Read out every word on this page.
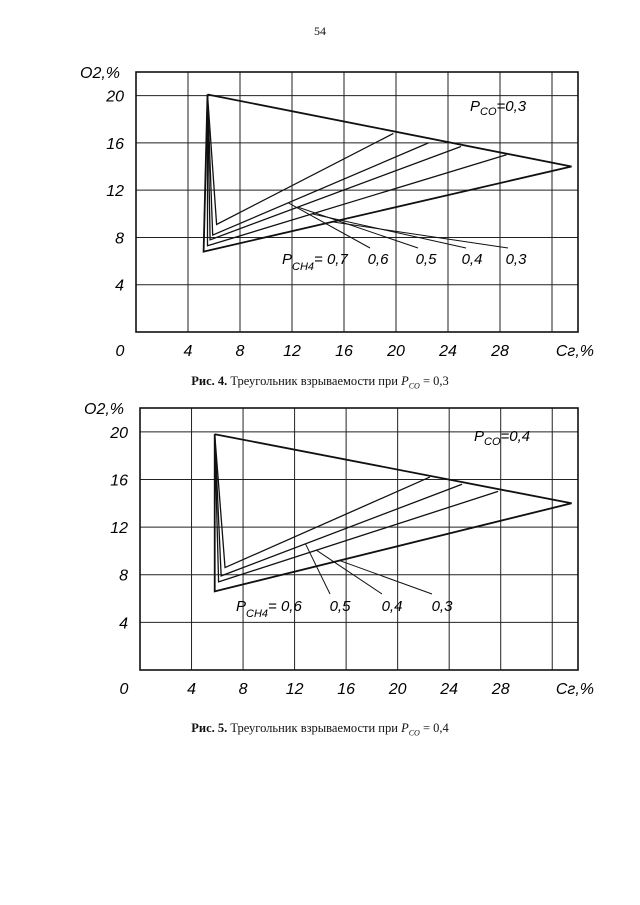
54
0	4	8 12 16 20 24 28
4
8
12
16
20
O2,%
Cг,%
$P_{CO}=0,3$
$P_{CH4}= 0,7$ 0,6 0,5 0,4 0,3
Рис. 4. Треугольник взрываемости при $P_{CO} = 0,3$
0	4	8 12 16 20 24 28
4
8
12
16
20
O2,%
Cг,%
$P_{CO}=0,4$
$P_{CH4}= 0,6$ 0,5 0,4 0,3
Рис. 5. Треугольник взрываемости при $P_{CO} = 0,4$
